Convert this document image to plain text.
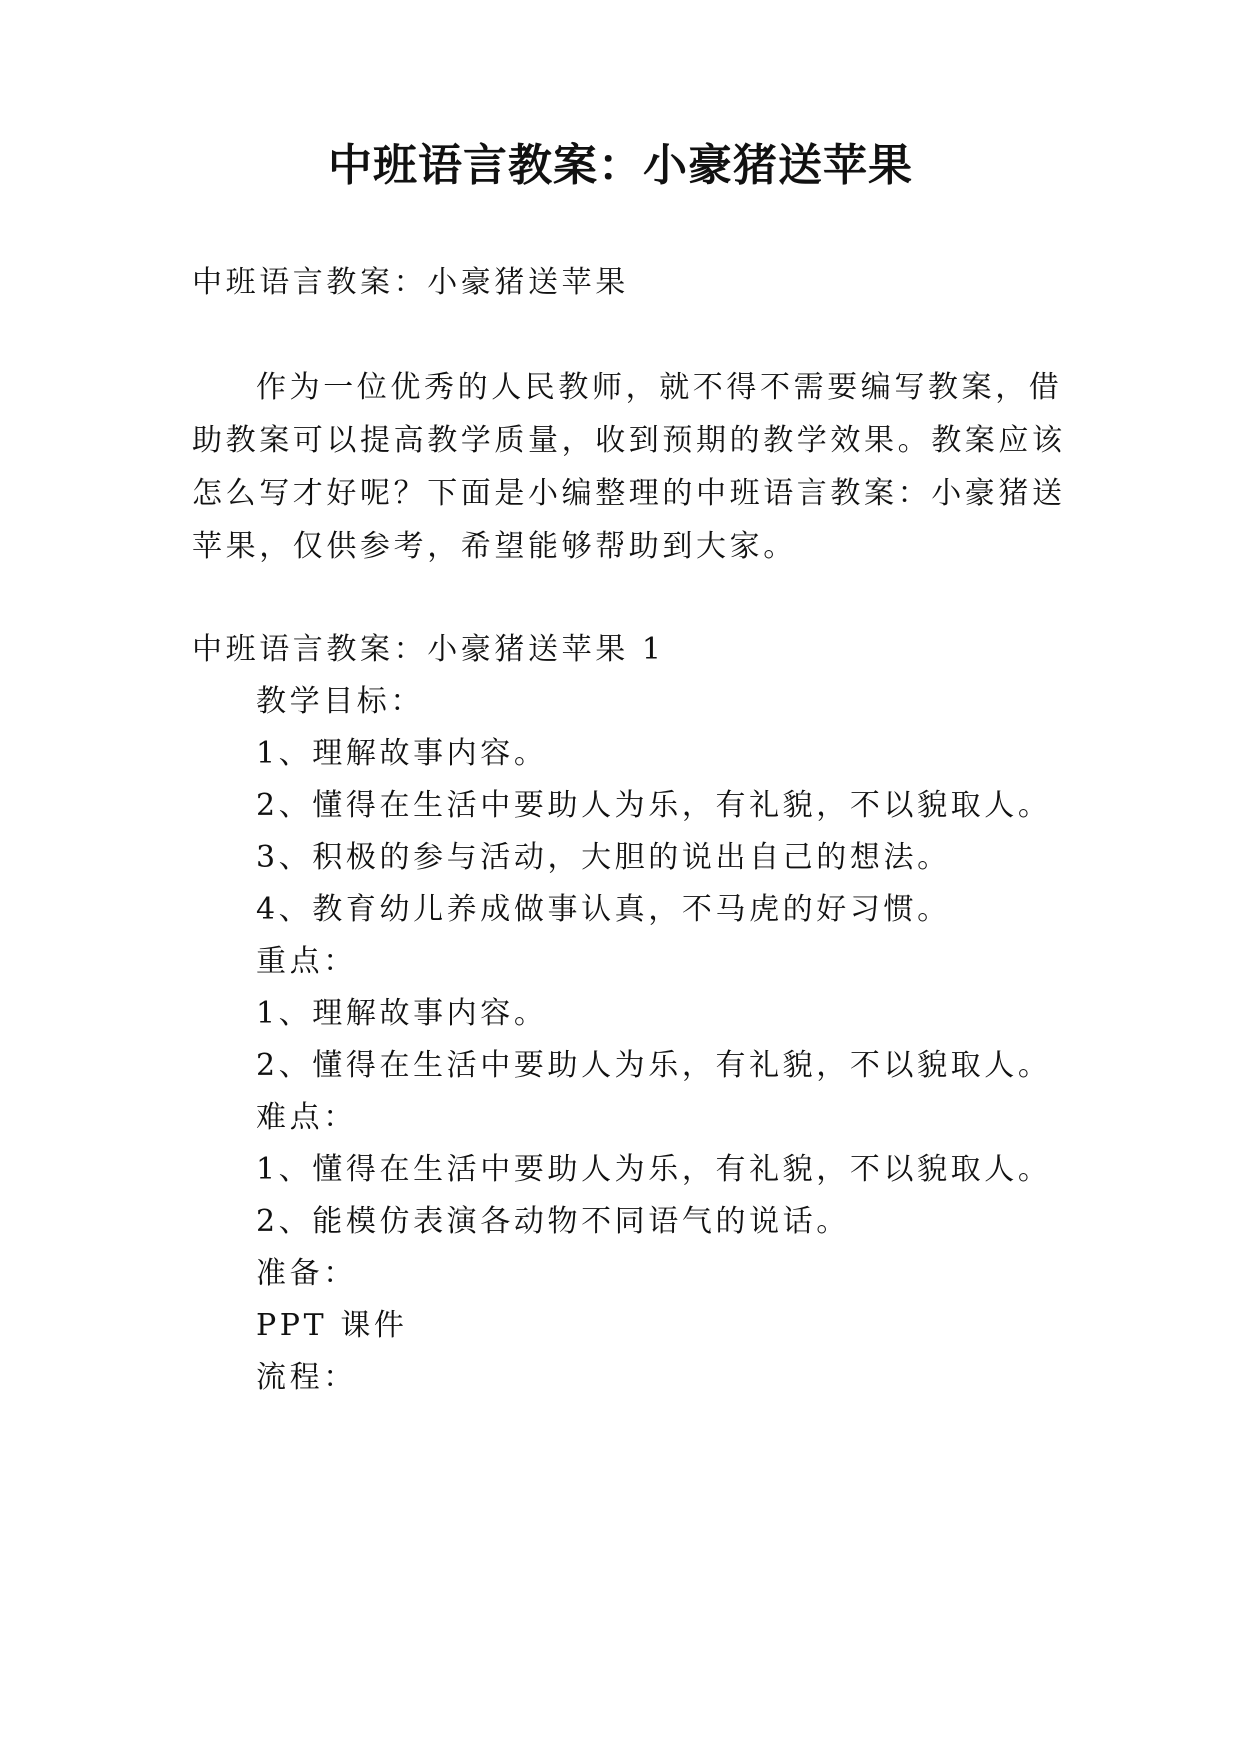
中班语言教案：小豪猪送苹果
中班语言教案：小豪猪送苹果
作为一位优秀的人民教师，就不得不需要编写教案，借
助教案可以提高教学质量，收到预期的教学效果。教案应该
怎么写才好呢？下面是小编整理的中班语言教案：小豪猪送
苹果，仅供参考，希望能够帮助到大家。
中班语言教案：小豪猪送苹果 1
教学目标：
1、理解故事内容。
2、懂得在生活中要助人为乐，有礼貌，不以貌取人。
3、积极的参与活动，大胆的说出自己的想法。
4、教育幼儿养成做事认真，不马虎的好习惯。
重点：
1、理解故事内容。
2、懂得在生活中要助人为乐，有礼貌，不以貌取人。
难点：
1、懂得在生活中要助人为乐，有礼貌，不以貌取人。
2、能模仿表演各动物不同语气的说话。
准备：
PPT 课件
流程：
